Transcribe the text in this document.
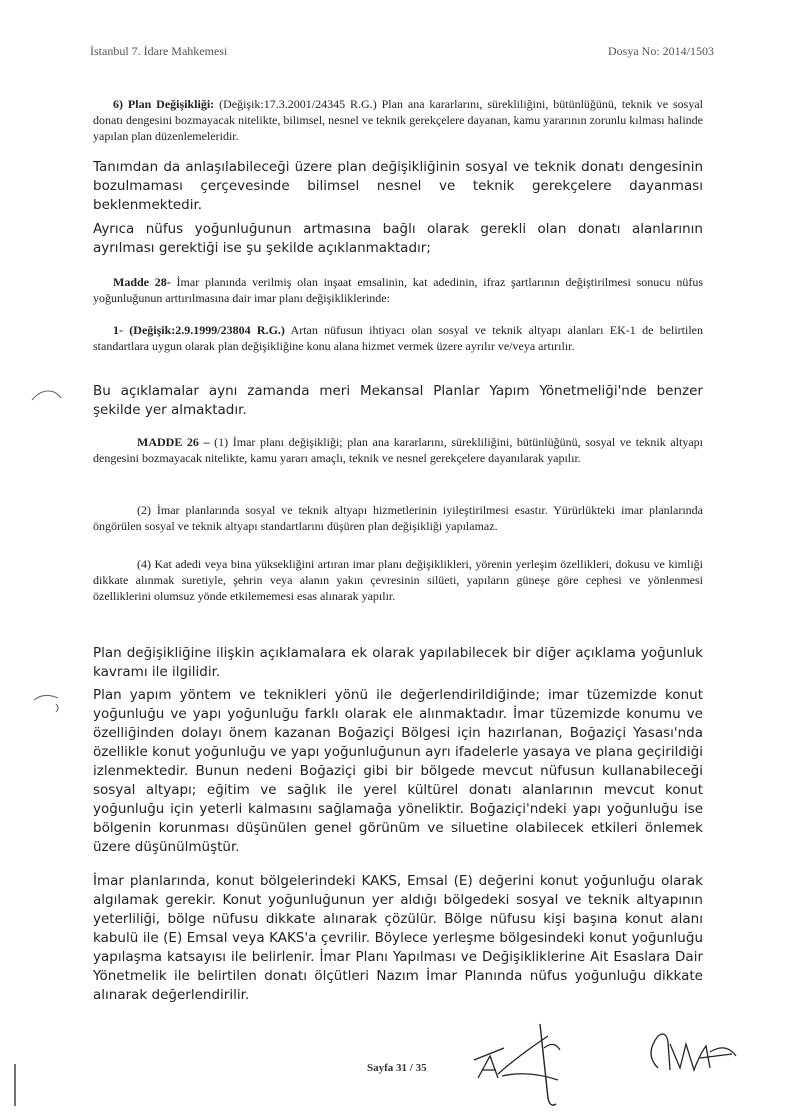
İstanbul 7. İdare Mahkemesi	Dosya No: 2014/1503

6) Plan Değişikliği: (Değişik:17.3.2001/24345 R.G.) Plan ana kararlarını, sürekliliğini, bütünlüğünü, teknik ve sosyal donatı dengesini bozmayacak nitelikte, bilimsel, nesnel ve teknik gerekçelere dayanan, kamu yararının zorunlu kılması halinde yapılan plan düzenlemeleridir.

Tanımdan da anlaşılabileceği üzere plan değişikliğinin sosyal ve teknik donatı dengesinin bozulmaması çerçevesinde bilimsel nesnel ve teknik gerekçelere dayanması beklenmektedir.

Ayrıca nüfus yoğunluğunun artmasına bağlı olarak gerekli olan donatı alanlarının ayrılması gerektiği ise şu şekilde açıklanmaktadır;

Madde 28- İmar planında verilmiş olan inşaat emsalinin, kat adedinin, ifraz şartlarının değiştirilmesi sonucu nüfus yoğunluğunun arttırılmasına dair imar planı değişikliklerinde:

1- (Değişik:2.9.1999/23804 R.G.) Artan nüfusun ihtiyacı olan sosyal ve teknik altyapı alanları EK-1 de belirtilen standartlara uygun olarak plan değişikliğine konu alana hizmet vermek üzere ayrılır ve/veya artırılır.

Bu açıklamalar aynı zamanda meri Mekansal Planlar Yapım Yönetmeliği'nde benzer şekilde yer almaktadır.

MADDE 26 – (1) İmar planı değişikliği; plan ana kararlarını, sürekliliğini, bütünlüğünü, sosyal ve teknik altyapı dengesini bozmayacak nitelikte, kamu yararı amaçlı, teknik ve nesnel gerekçelere dayanılarak yapılır.

(2) İmar planlarında sosyal ve teknik altyapı hizmetlerinin iyileştirilmesi esastır. Yürürlükteki imar planlarında öngörülen sosyal ve teknik altyapı standartlarını düşüren plan değişikliği yapılamaz.

(4) Kat adedi veya bina yüksekliğini artıran imar planı değişiklikleri, yörenin yerleşim özellikleri, dokusu ve kimliği dikkate alınmak suretiyle, şehrin veya alanın yakın çevresinin silüeti, yapıların güneşe göre cephesi ve yönlenmesi özelliklerini olumsuz yönde etkilememesi esas alınarak yapılır.

Plan değişikliğine ilişkin açıklamalara ek olarak yapılabilecek bir diğer açıklama yoğunluk kavramı ile ilgilidir.

Plan yapım yöntem ve teknikleri yönü ile değerlendirildiğinde; imar tüzemizde konut yoğunluğu ve yapı yoğunluğu farklı olarak ele alınmaktadır. İmar tüzemizde konumu ve özelliğinden dolayı önem kazanan Boğaziçi Bölgesi için hazırlanan, Boğaziçi Yasası'nda özellikle konut yoğunluğu ve yapı yoğunluğunun ayrı ifadelerle yasaya ve plana geçirildiği izlenmektedir. Bunun nedeni Boğaziçi gibi bir bölgede mevcut nüfusun kullanabileceği sosyal altyapı; eğitim ve sağlık ile yerel kültürel donatı alanlarının mevcut konut yoğunluğu için yeterli kalmasını sağlamağa yöneliktir. Boğaziçi'ndeki yapı yoğunluğu ise bölgenin korunması düşünülen genel görünüm ve siluetine olabilecek etkileri önlemek üzere düşünülmüştür.

İmar planlarında, konut bölgelerindeki KAKS, Emsal (E) değerini konut yoğunluğu olarak algılamak gerekir. Konut yoğunluğunun yer aldığı bölgedeki sosyal ve teknik altyapının yeterliliği, bölge nüfusu dikkate alınarak çözülür. Bölge nüfusu kişi başına konut alanı kabulü ile (E) Emsal veya KAKS'a çevrilir. Böylece yerleşme bölgesindeki konut yoğunluğu yapılaşma katsayısı ile belirlenir. İmar Planı Yapılması ve Değişikliklerine Ait Esaslara Dair Yönetmelik ile belirtilen donatı ölçütleri Nazım İmar Planında nüfus yoğunluğu dikkate alınarak değerlendirilir.

Sayfa 31 / 35
